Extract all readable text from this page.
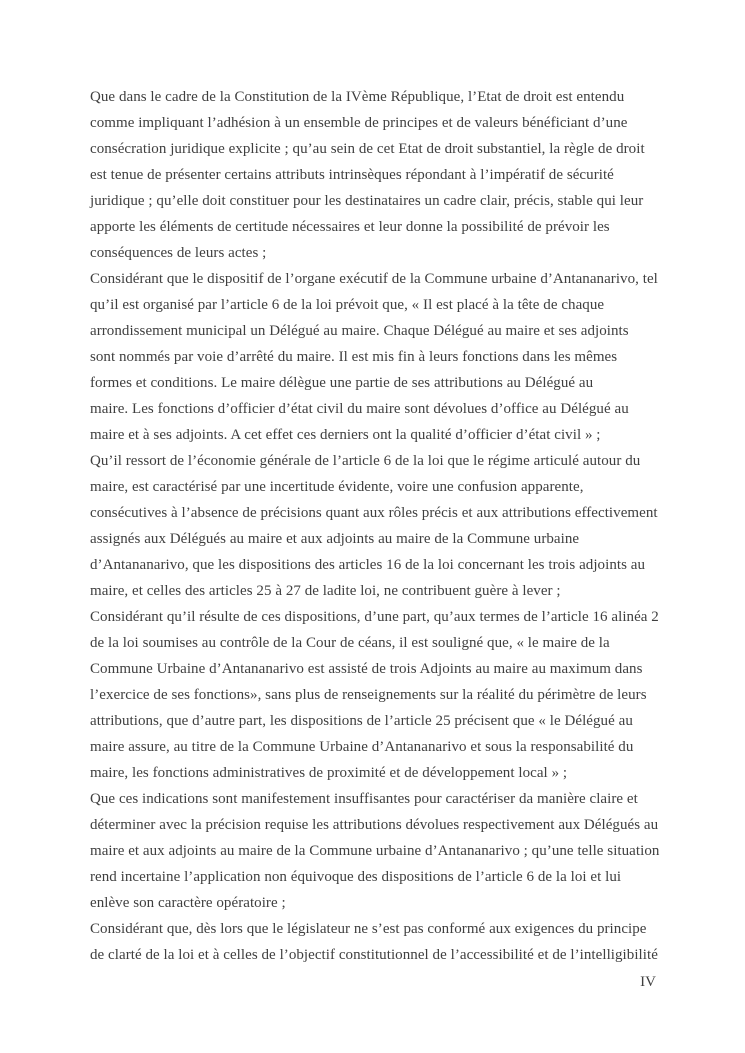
Que dans le cadre de la Constitution de la IVème République, l’Etat de droit est entendu
comme impliquant l’adhésion à un ensemble de principes et de valeurs bénéficiant d’une
consécration juridique explicite ; qu’au sein de cet Etat de droit substantiel, la règle de droit
est tenue de présenter certains attributs intrinsèques répondant à l’impératif de sécurité
juridique ; qu’elle doit constituer pour les destinataires un cadre clair, précis, stable qui leur
apporte les éléments de certitude nécessaires et leur donne la possibilité de prévoir les
conséquences de leurs actes ;

Considérant que le dispositif de l’organe exécutif de la Commune urbaine d’Antananarivo, tel
qu’il est organisé par l’article 6 de la loi prévoit que, « Il est placé à la tête de chaque
arrondissement municipal un Délégué au maire. Chaque Délégué au maire et ses adjoints
sont nommés par voie d’arrêté du maire. Il est mis fin à leurs fonctions dans les mêmes
formes et conditions. Le maire délègue une partie de ses attributions au Délégué au
maire. Les fonctions d’officier d’état civil du maire sont dévolues d’office au Délégué au
maire et à ses adjoints. A cet effet ces derniers ont la qualité d’officier d’état civil » ;

Qu’il ressort de l’économie générale de l’article 6 de la loi que le régime articulé autour du
maire, est caractérisé par une incertitude évidente, voire une confusion apparente,
consécutives à l’absence de précisions quant aux rôles précis et aux attributions effectivement
assignés aux Délégués au maire et aux adjoints au maire de la Commune urbaine
d’Antananarivo, que les dispositions des articles 16 de la loi concernant les trois adjoints au
maire, et celles des articles 25 à 27 de ladite loi, ne contribuent guère à lever ;

Considérant qu’il résulte de ces dispositions, d’une part, qu’aux termes de l’article 16 alinéa 2
de la loi soumises au contrôle de la Cour de céans, il est souligné que, « le maire de la
Commune Urbaine d’Antananarivo est assisté de trois Adjoints au maire au maximum dans
l’exercice de ses fonctions», sans plus de renseignements sur la réalité du périmètre de leurs
attributions, que d’autre part, les dispositions de l’article 25 précisent que « le Délégué au
maire assure, au titre de la Commune Urbaine d’Antananarivo et sous la responsabilité du
maire, les fonctions administratives de proximité et de développement local » ;

Que ces indications sont manifestement insuffisantes pour caractériser da manière claire et
déterminer avec la précision requise les attributions dévolues respectivement aux Délégués au
maire et aux adjoints au maire de la Commune urbaine d’Antananarivo ; qu’une telle situation
rend incertaine l’application non équivoque des dispositions de l’article 6 de la loi et lui
enlève son caractère opératoire ;

Considérant que, dès lors que le législateur ne s’est pas conformé aux exigences du principe
de clarté de la loi et à celles de l’objectif constitutionnel de l’accessibilité et de l’intelligibilité

IV
